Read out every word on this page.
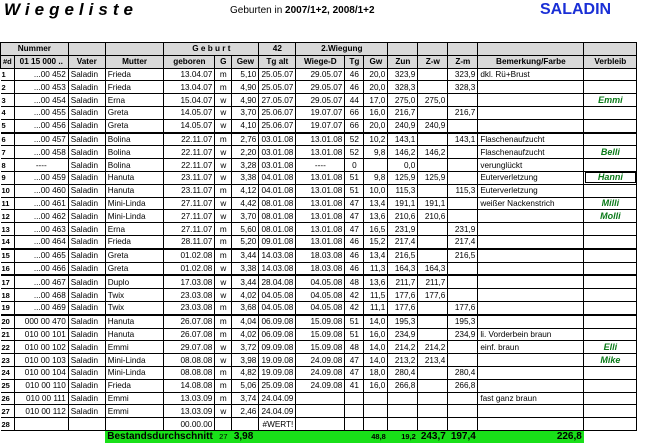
Wiegeliste	Geburten in 2007/1+2, 2008/1+2	SALADIN
Nummer				G e b u r t			42	2.Wiegung							
#d	01 15 000 ..	Vater	Mutter	geboren	G	Gew	Tg alt	Wiege-D	Tg	Gw	Zun	Z-w	Z-m	Bemerkung/Farbe	Verbleib
1	...00 452	Saladin	Frieda	13.04.07	m	5,10	25.05.07	29.05.07	46	20,0	323,9		323,9	dkl. Rü+Brust	
2	...00 453	Saladin	Frieda	13.04.07	m	4,90	25.05.07	29.05.07	46	20,0	328,3		328,3		
3	...00 454	Saladin	Erna	15.04.07	w	4,90	27.05.07	29.05.07	44	17,0	275,0	275,0			Emmi
4	...00 455	Saladin	Greta	14.05.07	w	3,70	25.06.07	19.07.07	66	16,0	216,7		216,7		
5	...00 456	Saladin	Greta	14.05.07	w	4,10	25.06.07	19.07.07	66	20,0	240,9	240,9			
6	...00 457	Saladin	Bolina	22.11.07	m	2,76	03.01.08	13.01.08	52	10,2	143,1		143,1	Flaschenaufzucht	
7	...00 458	Saladin	Bolina	22.11.07	w	2,20	03.01.08	13.01.08	52	9,8	146,2	146,2		Flaschenaufzucht	Belli
8	----	Saladin	Bolina	22.11.07	w	3,28	03.01.08	----	0		0,0			verunglückt	
9	...00 459	Saladin	Hanuta	23.11.07	w	3,38	04.01.08	13.01.08	51	9,8	125,9	125,9		Euterverletzung	Hanni
10	...00 460	Saladin	Hanuta	23.11.07	m	4,12	04.01.08	13.01.08	51	10,0	115,3		115,3	Euterverletzung	
11	...00 461	Saladin	Mini-Linda	27.11.07	w	4,42	08.01.08	13.01.08	47	13,4	191,1	191,1		weißer Nackenstrich	Milli
12	...00 462	Saladin	Mini-Linda	27.11.07	w	3,70	08.01.08	13.01.08	47	13,6	210,6	210,6			Molli
13	...00 463	Saladin	Erna	27.11.07	m	5,60	08.01.08	13.01.08	47	16,5	231,9		231,9		
14	...00 464	Saladin	Frieda	28.11.07	m	5,20	09.01.08	13.01.08	46	15,2	217,4		217,4		
15	...00 465	Saladin	Greta	01.02.08	m	3,44	14.03.08	18.03.08	46	13,4	216,5		216,5		
16	...00 466	Saladin	Greta	01.02.08	w	3,38	14.03.08	18.03.08	46	11,3	164,3	164,3			
17	...00 467	Saladin	Duplo	17.03.08	w	3,44	28.04.08	04.05.08	48	13,6	211,7	211,7			
18	...00 468	Saladin	Twix	23.03.08	w	4,02	04.05.08	04.05.08	42	11,5	177,6	177,6			
19	...00 469	Saladin	Twix	23.03.08	m	3,68	04.05.08	04.05.08	42	11,1	177,6		177,6		
20	000 00 470	Saladin	Hanuta	26.07.08	m	4,04	06.09.08	15.09.08	51	14,0	195,3		195,3		
21	010 00 101	Saladin	Hanuta	26.07.08	m	4,02	06.09.08	15.09.08	51	16,0	234,9		234,9	li. Vorderbein braun	
22	010 00 102	Saladin	Emmi	29.07.08	w	3,72	09.09.08	15.09.08	48	14,0	214,2	214,2		einf. braun	Elli
23	010 00 103	Saladin	Mini-Linda	08.08.08	w	3,98	19.09.08	24.09.08	47	14,0	213,2	213,4			Mike
24	010 00 104	Saladin	Mini-Linda	08.08.08	m	4,82	19.09.08	24.09.08	47	18,0	280,4		280,4		
25	010 00 110	Saladin	Frieda	14.08.08	m	5,06	25.09.08	24.09.08	41	16,0	266,8		266,8		
26	010 00 111	Saladin	Emmi	13.03.09	m	3,74	24.04.09							fast ganz braun	
27	010 00 112	Saladin	Emmi	13.03.09	w	2,46	24.04.09								
28				00.00.00			#WERT!								
			Bestandsdurchschnitt		27	3,98			48,8		19,2	243,7	197,4	226,8	
